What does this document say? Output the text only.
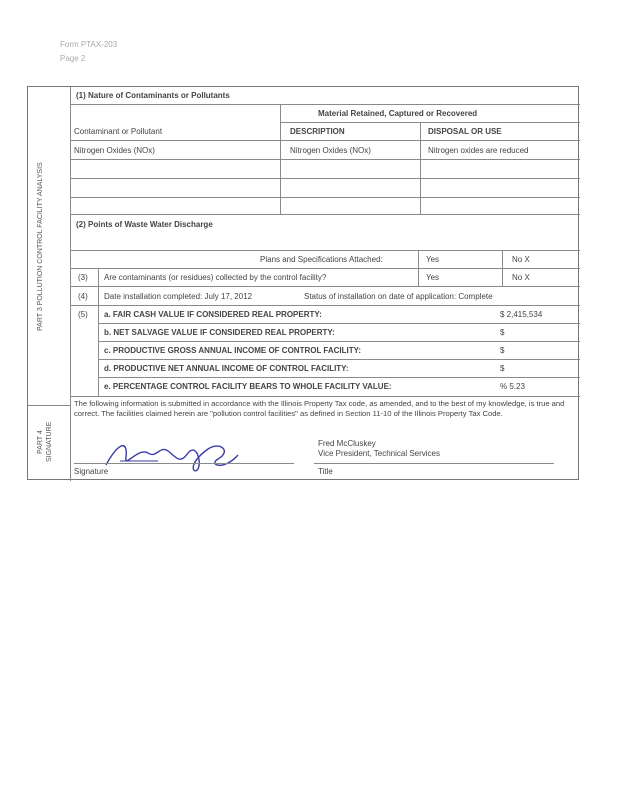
Form PTAX-203
Page 2
PART 3 POLLUTION CONTROL FACILITY ANALYSIS
PART 4 SIGNATURE
(1) Nature of Contaminants or Pollutants
Material Retained, Captured or Recovered
Contaminant or Pollutant	DESCRIPTION	DISPOSAL OR USE
Nitrogen Oxides (NOx)	Nitrogen Oxides (NOx)	Nitrogen oxides are reduced
(2) Points of Waste Water Discharge
Plans and Specifications Attached:	Yes	No X
(3) Are contaminants (or residues) collected by the control facility?	Yes	No X
(4) Date installation completed: July 17, 2012	Status of installation on date of application: Complete
(5) a. FAIR CASH VALUE IF CONSIDERED REAL PROPERTY:	$ 2,415,534
b. NET SALVAGE VALUE IF CONSIDERED REAL PROPERTY:	$
c. PRODUCTIVE GROSS ANNUAL INCOME OF CONTROL FACILITY:	$
d. PRODUCTIVE NET ANNUAL INCOME OF CONTROL FACILITY:	$
e. PERCENTAGE CONTROL FACILITY BEARS TO WHOLE FACILITY VALUE:	% 5.23
The following information is submitted in accordance with the Illinois Property Tax code, as amended, and to the best of my knowledge, is true and correct. The facilities claimed herein are "pollution control facilities" as defined in Section 11-10 of the Illinois Property Tax Code.
Signature
Fred McCluskey
Vice President, Technical Services
Title
